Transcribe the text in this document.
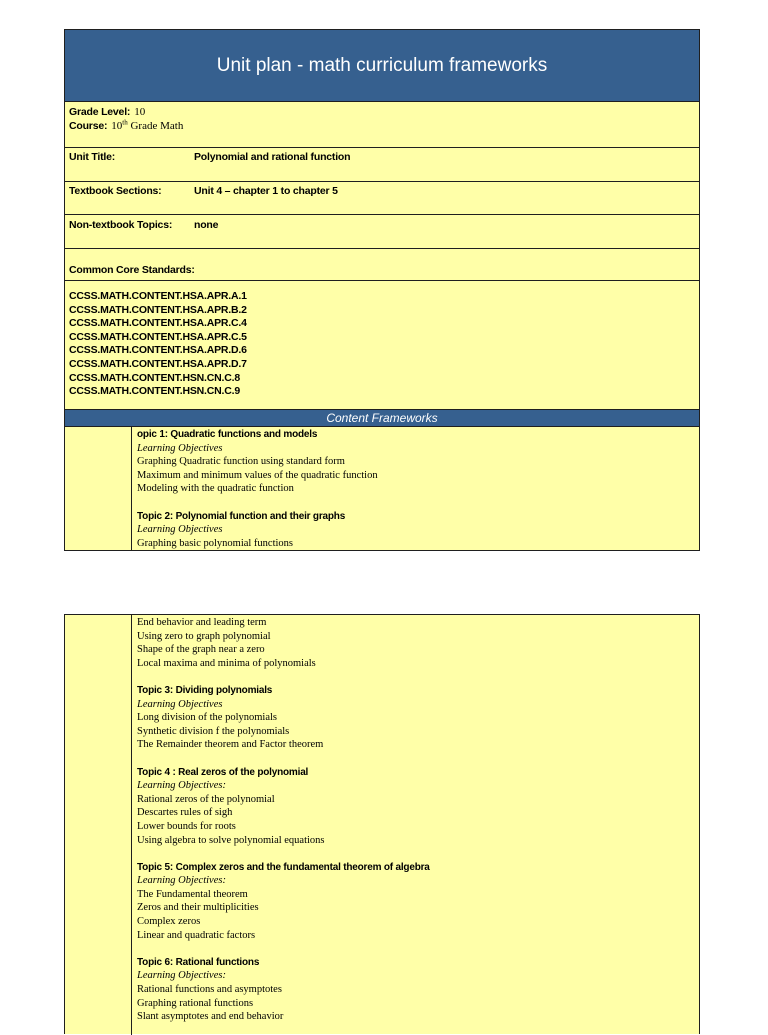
Unit plan - math curriculum frameworks
Grade Level: 10
Course: 10th Grade Math
Unit Title:	Polynomial and rational function
Textbook Sections:	Unit 4 – chapter 1 to chapter 5
Non-textbook Topics: none
Common Core Standards:
CCSS.MATH.CONTENT.HSA.APR.A.1
CCSS.MATH.CONTENT.HSA.APR.B.2
CCSS.MATH.CONTENT.HSA.APR.C.4
CCSS.MATH.CONTENT.HSA.APR.C.5
CCSS.MATH.CONTENT.HSA.APR.D.6
CCSS.MATH.CONTENT.HSA.APR.D.7
CCSS.MATH.CONTENT.HSN.CN.C.8
CCSS.MATH.CONTENT.HSN.CN.C.9
Content Frameworks
opic 1: Quadratic functions and models
Learning Objectives
Graphing Quadratic function using standard form
Maximum and minimum values of the quadratic function
Modeling with the quadratic function
Topic 2: Polynomial function and their graphs
Learning Objectives
Graphing basic polynomial functions
End behavior and leading term
Using zero to graph polynomial
Shape of the graph near a zero
Local maxima and minima of polynomials
Topic 3: Dividing polynomials
Learning Objectives
Long division of the polynomials
Synthetic division f the polynomials
The Remainder theorem and Factor theorem
Topic 4 : Real zeros of the polynomial
Learning Objectives:
Rational zeros of the polynomial
Descartes rules of sigh
Lower bounds for roots
Using algebra to solve polynomial equations
Topic 5: Complex zeros and the fundamental theorem of algebra
Learning Objectives:
The Fundamental theorem
Zeros and their multiplicities
Complex zeros
Linear and quadratic factors
Topic 6: Rational functions
Learning Objectives:
Rational functions and asymptotes
Graphing rational functions
Slant asymptotes and end behavior
